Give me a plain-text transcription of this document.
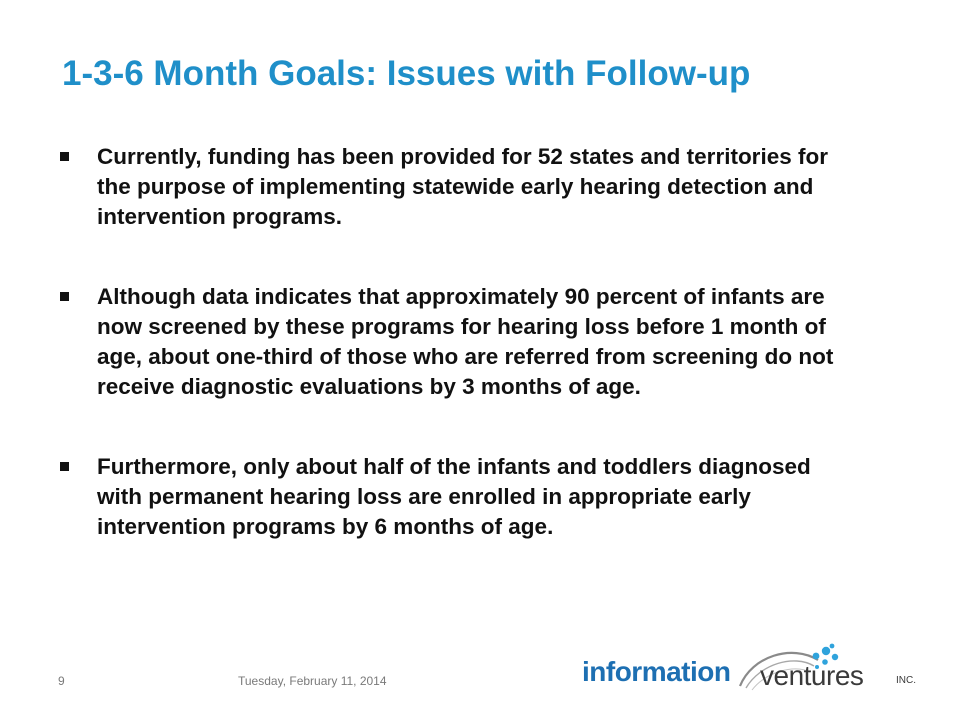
1-3-6 Month Goals: Issues with Follow-up
Currently, funding has been provided for 52 states and territories for the purpose of implementing statewide early hearing detection and intervention programs.
Although data indicates that approximately 90 percent of infants are now screened by these programs for hearing loss before 1 month of age, about one-third of those who are referred from screening do not receive diagnostic evaluations by 3 months of age.
Furthermore, only about half of the infants and toddlers diagnosed with permanent hearing loss are enrolled in appropriate early intervention programs by 6 months of age.
9	Tuesday, February 11, 2014	information ventures	INC.
